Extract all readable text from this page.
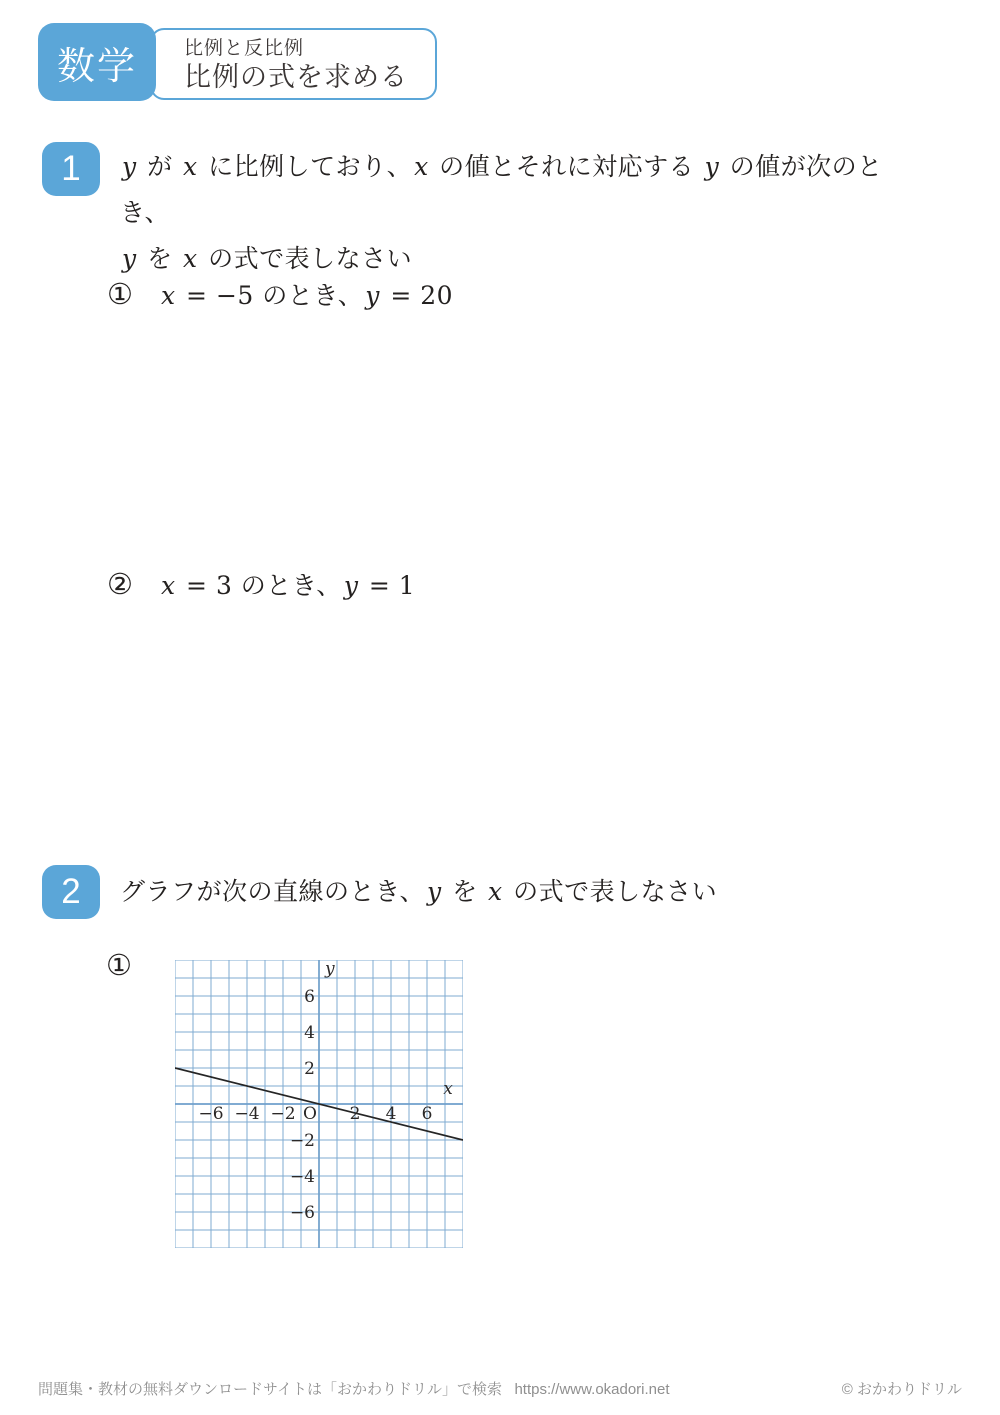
比例と反比例
比例の式を求める
数学
1 y が x に比例しており、x の値とそれに対応する y の値が次のとき、
y を x の式で表しなさい
① x = −5 のとき、y = 20
② x = 3 のとき、y = 1
2 グラフが次の直線のとき、y を x の式で表しなさい
①
−6 −4 −2	2 4 6
6
4
2
−2
−4
−6
O
y
x
問題集・教材の無料ダウンロードサイトは「おかわりドリル」で検索   https://www.okadori.net	© おかわりドリル
